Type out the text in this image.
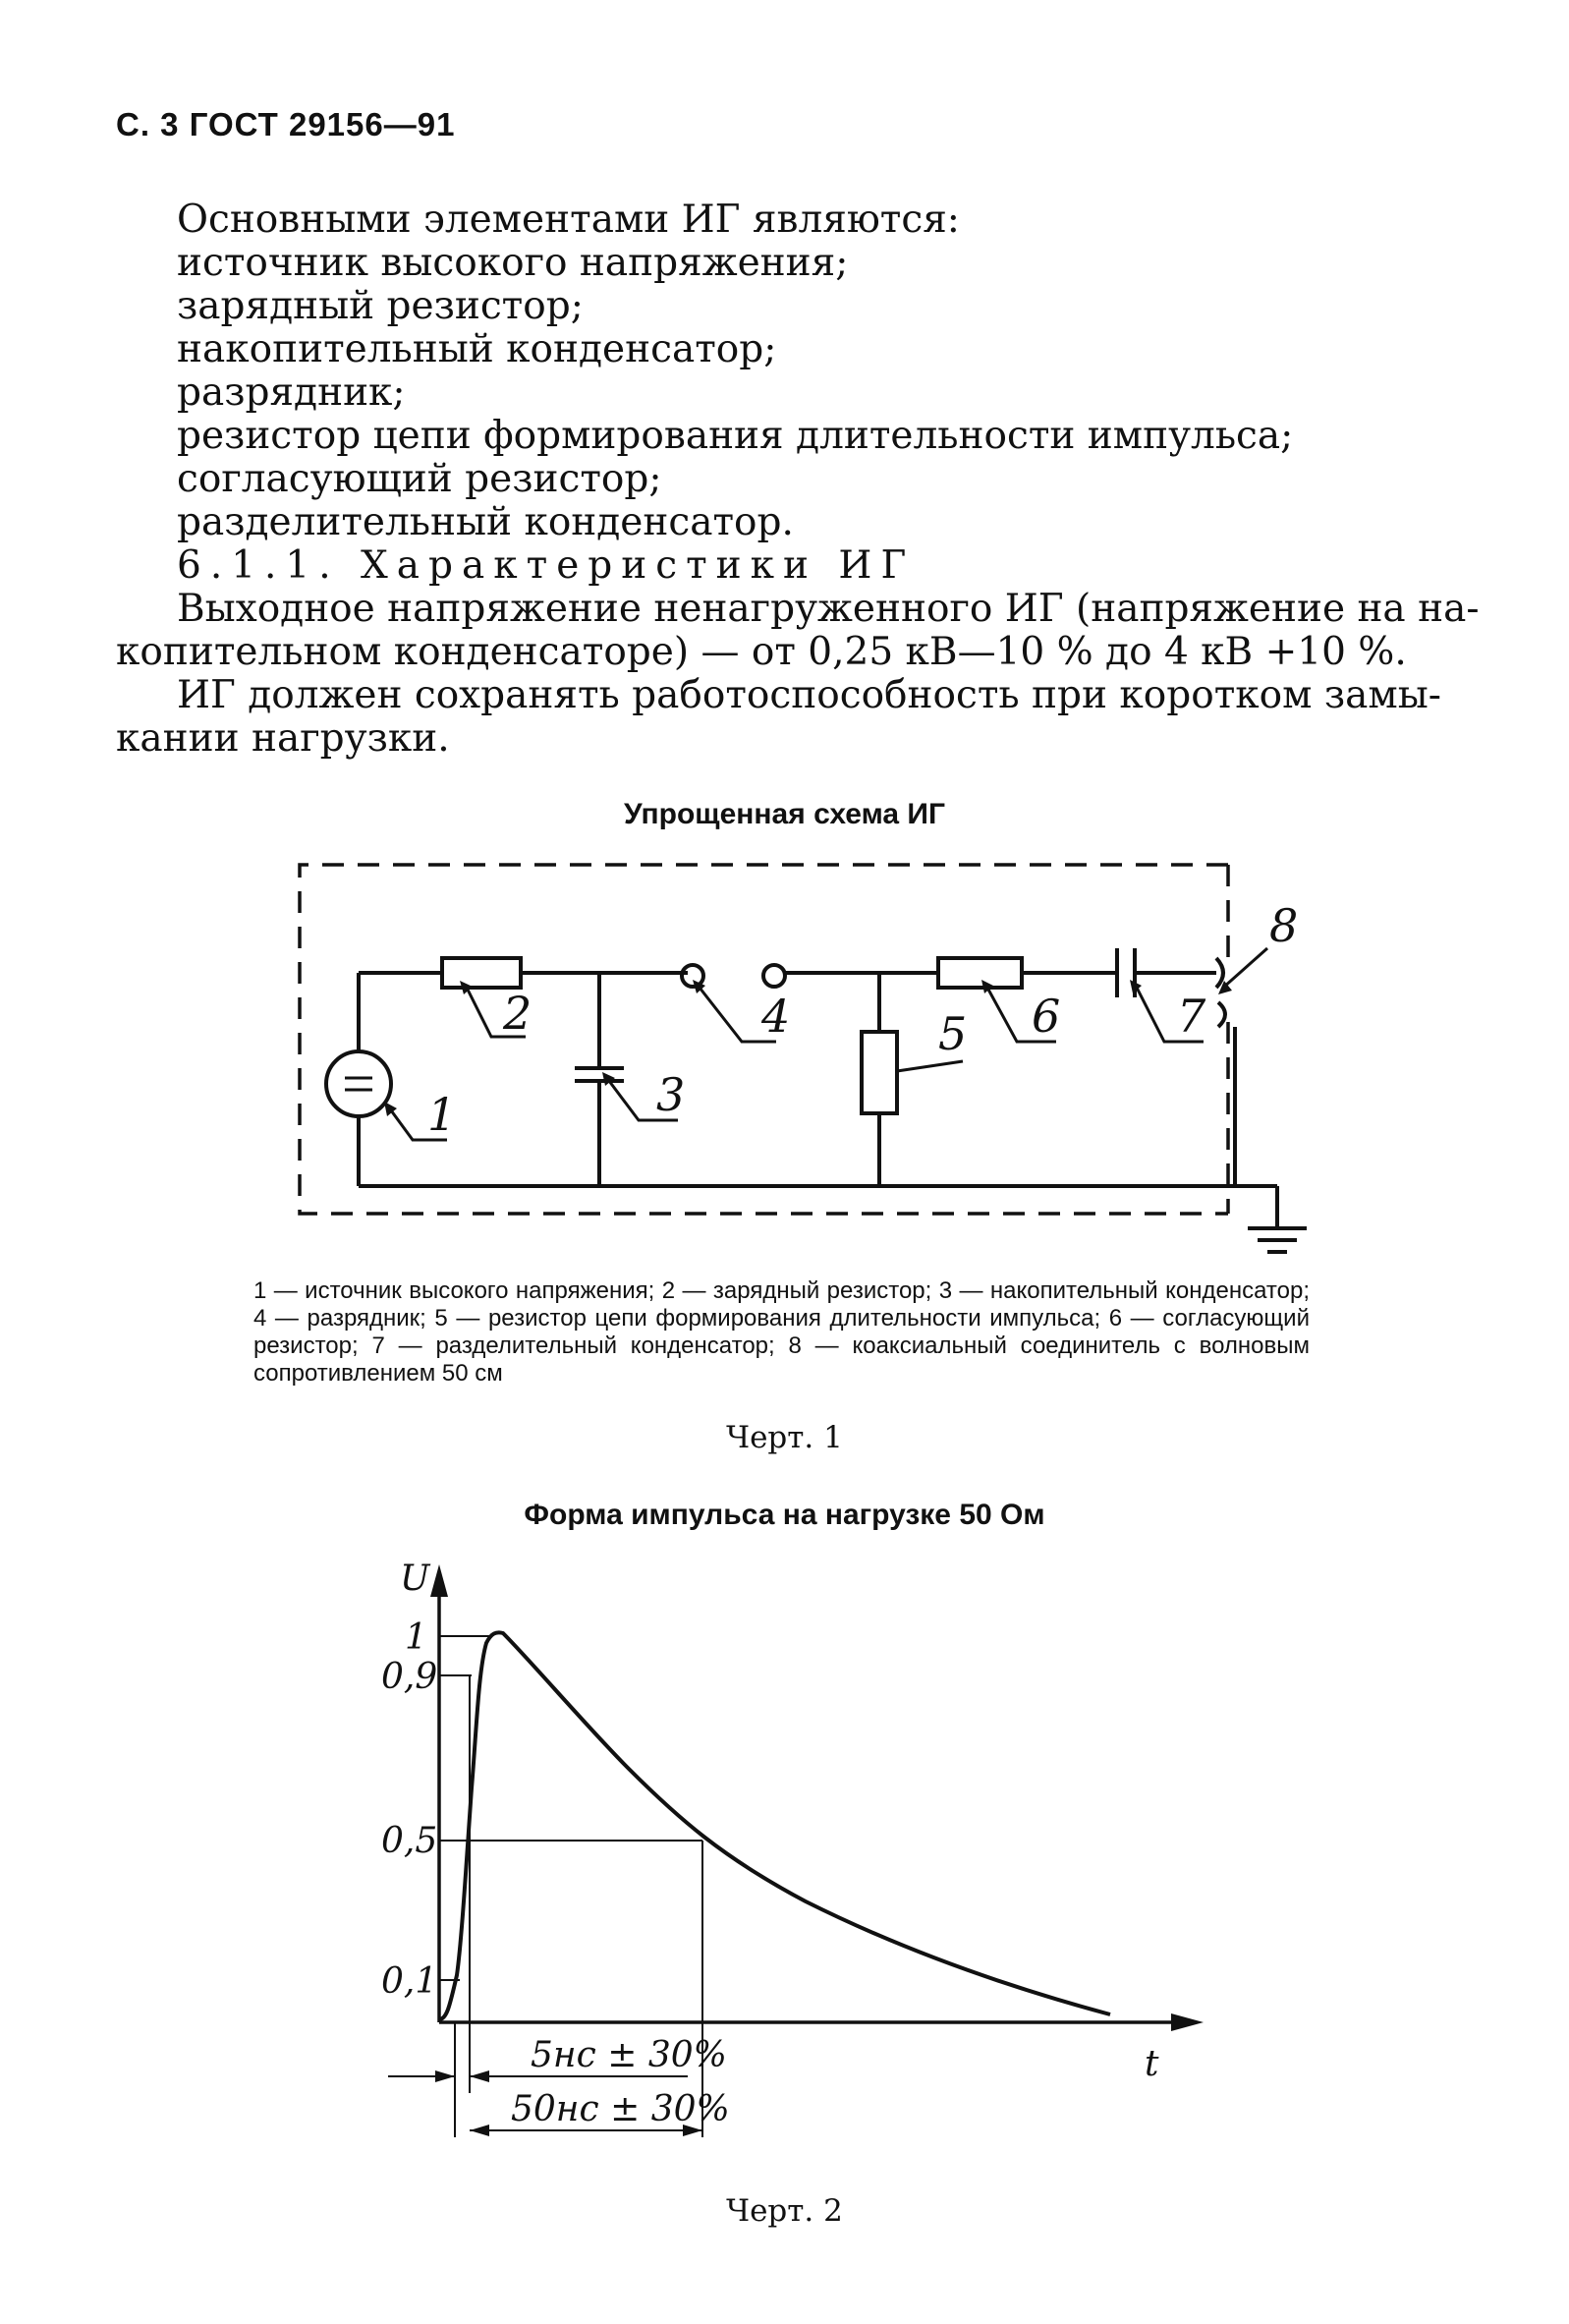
С. 3 ГОСТ 29156—91
Основными элементами ИГ являются:
источник высокого напряжения;
зарядный резистор;
накопительный конденсатор;
разрядник;
резистор цепи формирования длительности импульса;
согласующий резистор;
разделительный конденсатор.
6.1.1. Характеристики ИГ
Выходное напряжение ненагруженного ИГ (напряжение на на-
копительном конденсаторе) — от 0,25 кВ—10 % до 4 кВ +10 %.
ИГ должен сохранять работоспособность при коротком замы-
кании нагрузки.
Упрощенная схема ИГ
1
2
3
4	5 6	7
8
1 — источник высокого напряжения; 2 — зарядный резистор; 3 — накопительный конденсатор; 4 — разрядник; 5 — резистор цепи формирования длительности импульса; 6 — согласующий резистор; 7 — разделительный конденсатор; 8 — коаксиальный соединитель с волновым сопротивлением 50 см
Черт. 1
Форма импульса на нагрузке 50 Ом
U
t
1
0,9
0,5
0,1
5нс ± 30%
50нс ± 30%
Черт. 2
